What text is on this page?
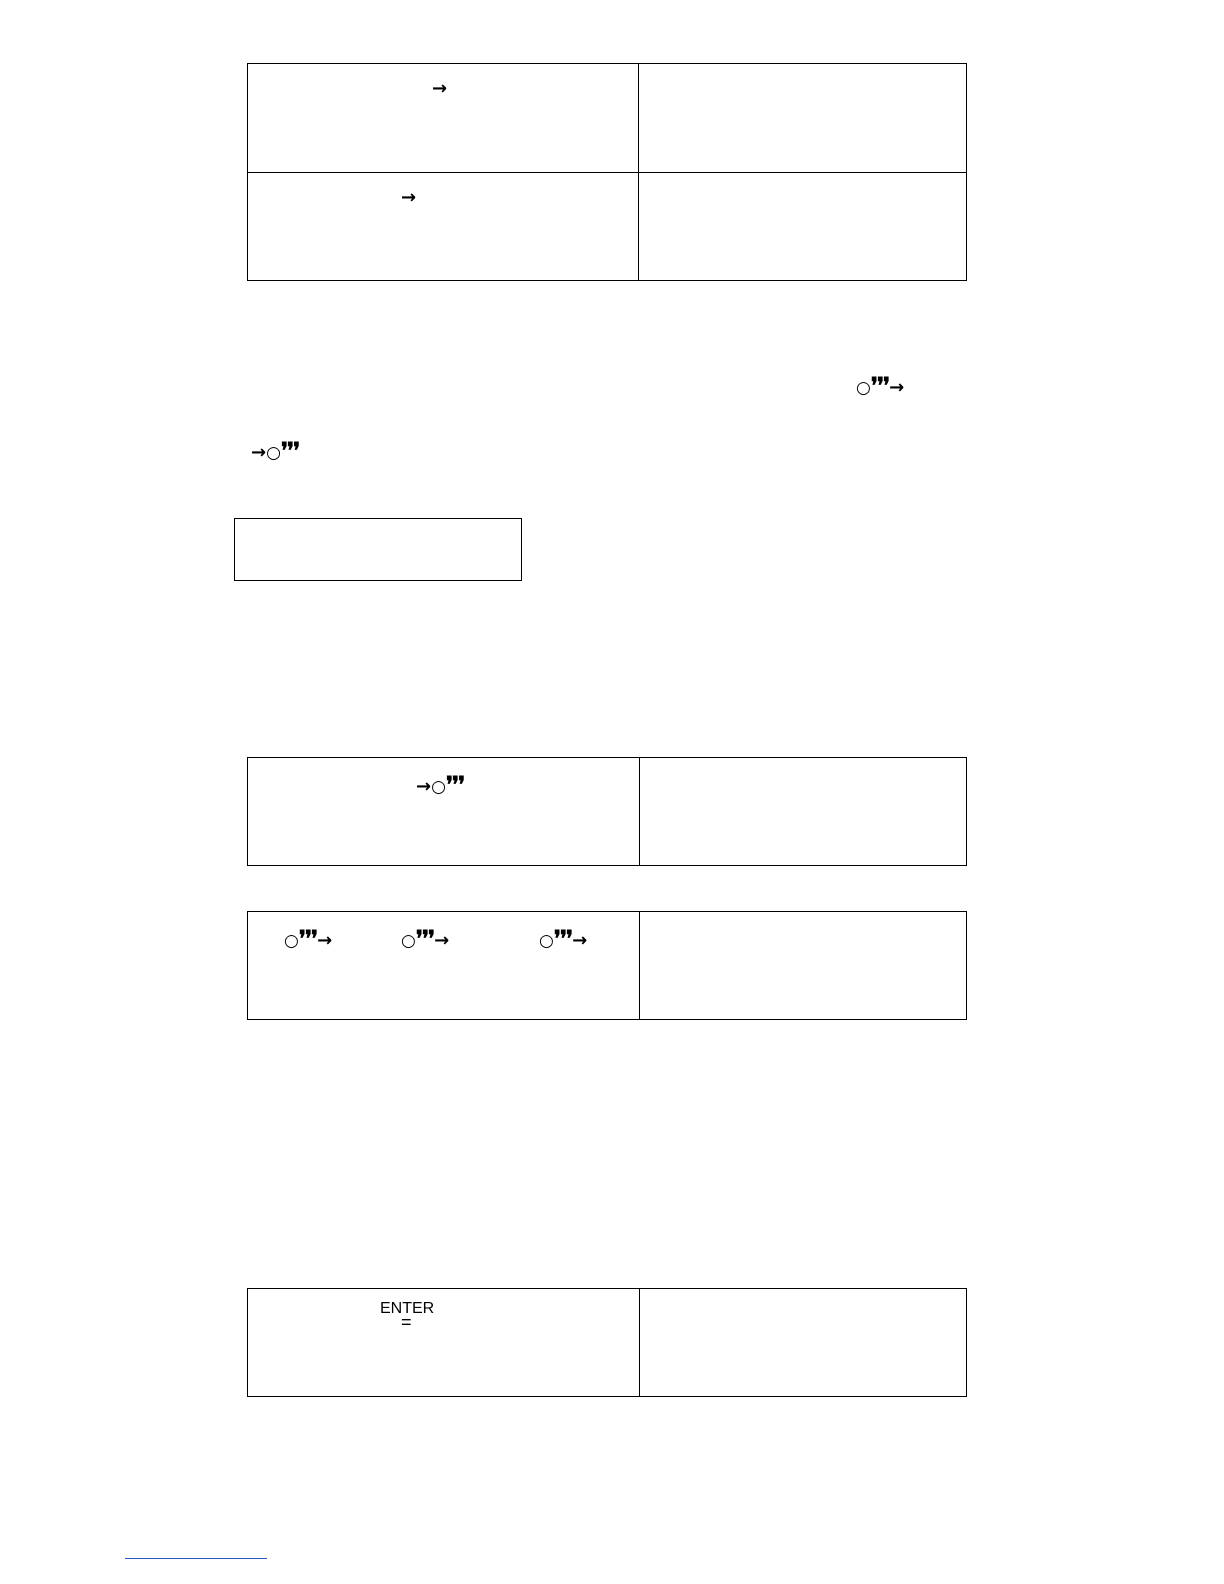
→
→
○❜❜❜→
→○❜❜❜
→○❜❜❜
○❜❜❜→	○❜❜❜→	○❜❜❜→
ENTER
=
